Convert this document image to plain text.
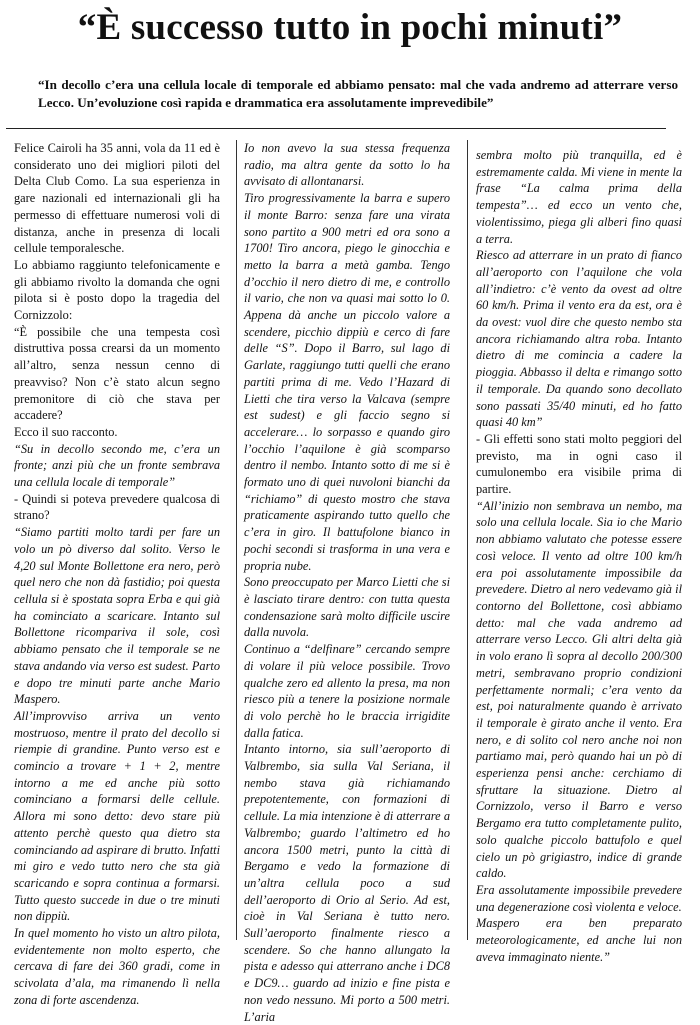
“È successo tutto in pochi minuti”

“In decollo c’era una cellula locale di temporale ed abbiamo pensato: mal che vada andremo ad atterrare verso Lecco. Un’evoluzione così rapida e drammatica era assolutamente imprevedibile”

Felice Cairoli ha 35 anni, vola da 11 ed è considerato uno dei migliori piloti del Delta Club Como. La sua esperienza in gare nazionali ed internazionali gli ha permesso di effettuare numerosi voli di distanza, anche in presenza di locali cellule temporalesche.

Lo abbiamo raggiunto telefonicamente e gli abbiamo rivolto la domanda che ogni pilota si è posto dopo la tragedia del Cornizzolo:

“È possibile che una tempesta così distruttiva possa crearsi da un momento all’altro, senza nessun cenno di preavviso? Non c’è stato alcun segno premonitore di ciò che stava per accadere?

Ecco il suo racconto.

“Su in decollo secondo me, c’era un fronte; anzi più che un fronte sembrava una cellula locale di temporale”

- Quindi si poteva prevedere qualcosa di strano?

“Siamo partiti molto tardi per fare un volo un pò diverso dal solito. Verso le 4,20 sul Monte Bollettone era nero, però quel nero che non dà fastidio; poi questa cellula si è spostata sopra Erba e qui già ha cominciato a scaricare. Intanto sul Bollettone ricompariva il sole, così abbiamo pensato che il temporale se ne stava andando via verso est sudest. Parto e dopo tre minuti parte anche Mario Maspero.

All’improvviso arriva un vento mostruoso, mentre il prato del decollo si riempie di grandine. Punto verso est e comincio a trovare + 1 + 2, mentre intorno a me ed anche più sotto cominciano a formarsi delle cellule. Allora mi sono detto: devo stare più attento perchè questo qua dietro sta cominciando ad aspirare di brutto. Infatti mi giro e vedo tutto nero che sta già scaricando e sopra continua a formarsi. Tutto questo succede in due o tre minuti non dippiù.

In quel momento ho visto un altro pilota, evidentemente non molto esperto, che cercava di fare dei 360 gradi, come in scivolata d’ala, ma rimanendo lì nella zona di forte ascendenza.

Io non avevo la sua stessa frequenza radio, ma altra gente da sotto lo ha avvisato di allontanarsi.

Tiro progressivamente la barra e supero il monte Barro: senza fare una virata sono partito a 900 metri ed ora sono a 1700! Tiro ancora, piego le ginocchia e metto la barra a metà gamba. Tengo d’occhio il nero dietro di me, e controllo il vario, che non va quasi mai sotto lo 0. Appena dà anche un piccolo valore a scendere, picchio dippiù e cerco di fare delle “S”. Dopo il Barro, sul lago di Garlate, raggiungo tutti quelli che erano partiti prima di me. Vedo l’Hazard di Lietti che tira verso la Valcava (sempre est sudest) e gli faccio segno si accelerare… lo sorpasso e quando giro l’occhio l’aquilone è già scomparso dentro il nembo. Intanto sotto di me si è formato uno di quei nuvoloni bianchi da “richiamo” di questo mostro che stava praticamente aspirando tutto quello che c’era in giro. Il battufolone bianco in pochi secondi si trasforma in una vera e propria nube.

Sono preoccupato per Marco Lietti che si è lasciato tirare dentro: con tutta questa condensazione sarà molto difficile uscire dalla nuvola.

Continuo a “delfinare” cercando sempre di volare il più veloce possibile. Trovo qualche zero ed allento la presa, ma non riesco più a tenere la posizione normale di volo perchè ho le braccia irrigidite dalla fatica.

Intanto intorno, sia sull’aeroporto di Valbrembo, sia sulla Val Seriana, il nembo stava già richiamando prepotentemente, con formazioni di cellule. La mia intenzione è di atterrare a Valbrembo; guardo l’altimetro ed ho ancora 1500 metri, punto la città di Bergamo e vedo la formazione di un’altra cellula poco a sud dell’aeroporto di Orio al Serio. Ad est, cioè in Val Seriana è tutto nero. Sull’aeroporto finalmente riesco a scendere. So che hanno allungato la pista e adesso qui atterrano anche i DC8 e DC9… guardo ad inizio e fine pista e non vedo nessuno. Mi porto a 500 metri. L’aria

sembra molto più tranquilla, ed è estremamente calda. Mi viene in mente la frase “La calma prima della tempesta”… ed ecco un vento che, violentissimo, piega gli alberi fino quasi a terra.

Riesco ad atterrare in un prato di fianco all’aeroporto con l’aquilone che vola all’indietro: c’è vento da ovest ad oltre 60 km/h. Prima il vento era da est, ora è da ovest: vuol dire che questo nembo sta ancora richiamando altra roba. Intanto dietro di me comincia a cadere la pioggia. Abbasso il delta e rimango sotto il temporale. Da quando sono decollato sono passati 35/40 minuti, ed ho fatto quasi 40 km”

- Gli effetti sono stati molto peggiori del previsto, ma in ogni caso il cumulonembo era visibile prima di partire.

“All’inizio non sembrava un nembo, ma solo una cellula locale. Sia io che Mario non abbiamo valutato che potesse essere così veloce. Il vento ad oltre 100 km/h era poi assolutamente impossibile da prevedere. Dietro al nero vedevamo già il contorno del Bollettone, così abbiamo detto: mal che vada andremo ad atterrare verso Lecco. Gli altri delta già in volo erano lì sopra al decollo 200/300 metri, sembravano proprio condizioni perfettamente normali; c’era vento da est, poi naturalmente quando è arrivato il temporale è girato anche il vento. Era nero, e di solito col nero anche noi non partiamo mai, però quando hai un pò di esperienza pensi anche: cerchiamo di sfruttare la situazione. Dietro al Cornizzolo, verso il Barro e verso Bergamo era tutto completamente pulito, solo qualche piccolo battufolo e quel cielo un pò grigiastro, indice di grande caldo.

Era assolutamente impossibile prevedere una degenerazione così violenta e veloce.

Maspero era ben preparato meteorologicamente, ed anche lui non aveva immaginato niente.”
